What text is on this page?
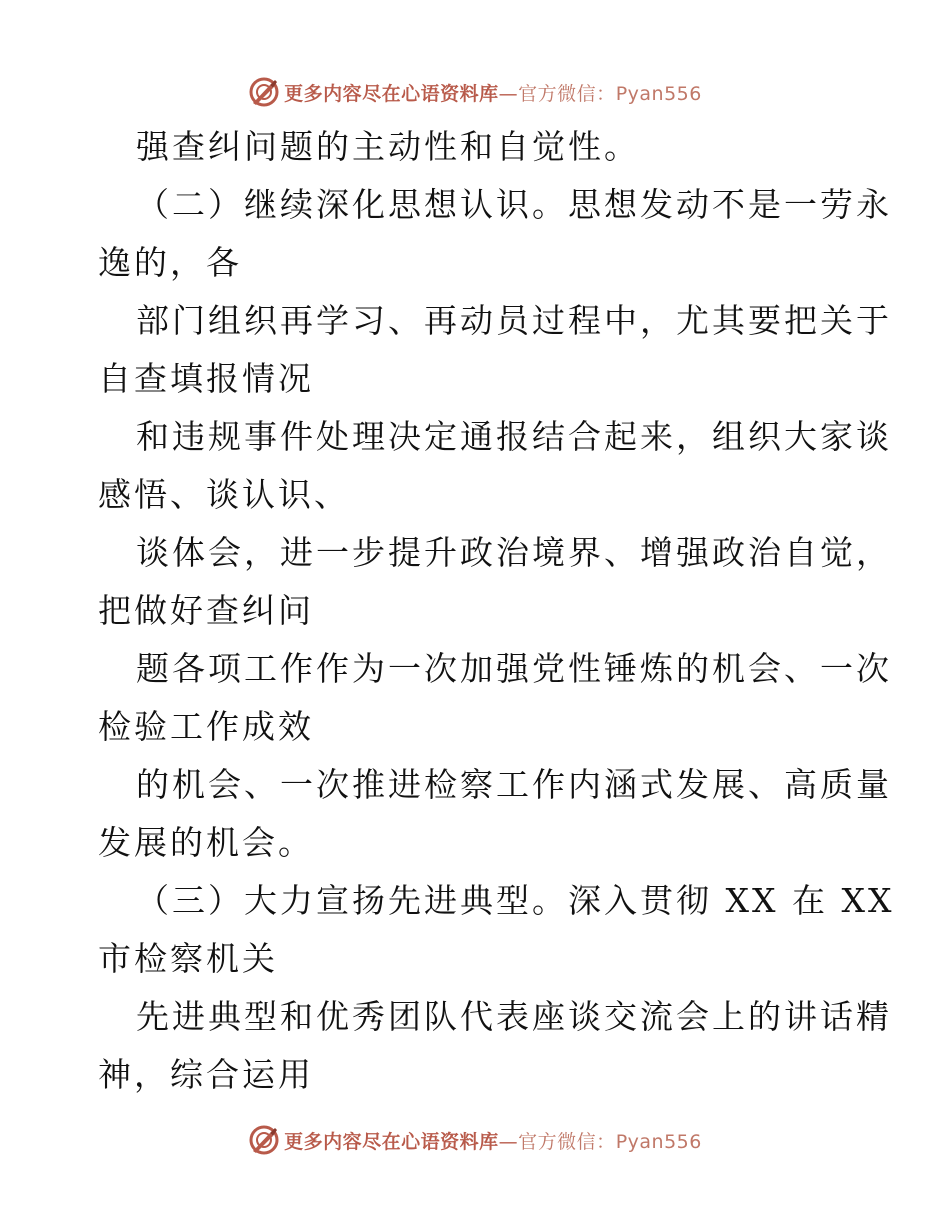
更多内容尽在心语资料库—官方微信：Pyan556
强查纠问题的主动性和自觉性。
（二）继续深化思想认识。思想发动不是一劳永
逸的，各
部门组织再学习、再动员过程中，尤其要把关于
自查填报情况
和违规事件处理决定通报结合起来，组织大家谈
感悟、谈认识、
谈体会，进一步提升政治境界、增强政治自觉，
把做好查纠问
题各项工作作为一次加强党性锤炼的机会、一次
检验工作成效
的机会、一次推进检察工作内涵式发展、高质量
发展的机会。
（三）大力宣扬先进典型。深入贯彻 XX 在 XX
市检察机关
先进典型和优秀团队代表座谈交流会上的讲话精
神，综合运用
更多内容尽在心语资料库—官方微信：Pyan556
